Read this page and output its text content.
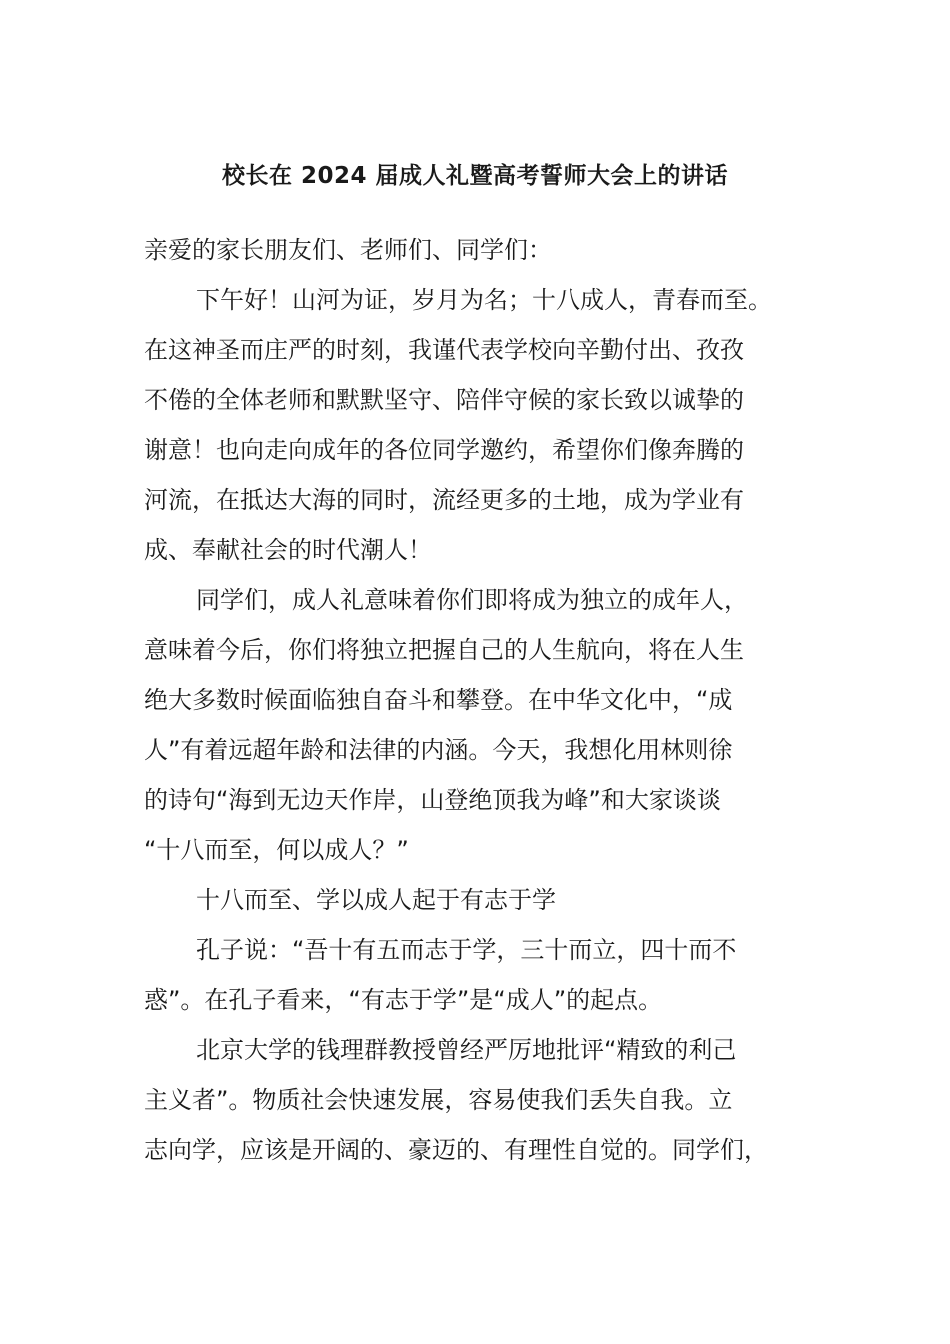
校长在 2024 届成人礼暨高考誓师大会上的讲话
亲爱的家长朋友们、老师们、同学们：
下午好！山河为证，岁月为名；十八成人，青春而至。
在这神圣而庄严的时刻，我谨代表学校向辛勤付出、孜孜
不倦的全体老师和默默坚守、陪伴守候的家长致以诚挚的
谢意！也向走向成年的各位同学邀约，希望你们像奔腾的
河流，在抵达大海的同时，流经更多的土地，成为学业有
成、奉献社会的时代潮人！
同学们，成人礼意味着你们即将成为独立的成年人，
意味着今后，你们将独立把握自己的人生航向，将在人生
绝大多数时候面临独自奋斗和攀登。在中华文化中，“成
人”有着远超年龄和法律的内涵。今天，我想化用林则徐
的诗句“海到无边天作岸，山登绝顶我为峰”和大家谈谈
“十八而至，何以成人？”
十八而至、学以成人起于有志于学
孔子说：“吾十有五而志于学，三十而立，四十而不
惑”。在孔子看来，“有志于学”是“成人”的起点。
北京大学的钱理群教授曾经严厉地批评“精致的利己
主义者”。物质社会快速发展，容易使我们丢失自我。立
志向学，应该是开阔的、豪迈的、有理性自觉的。同学们，
